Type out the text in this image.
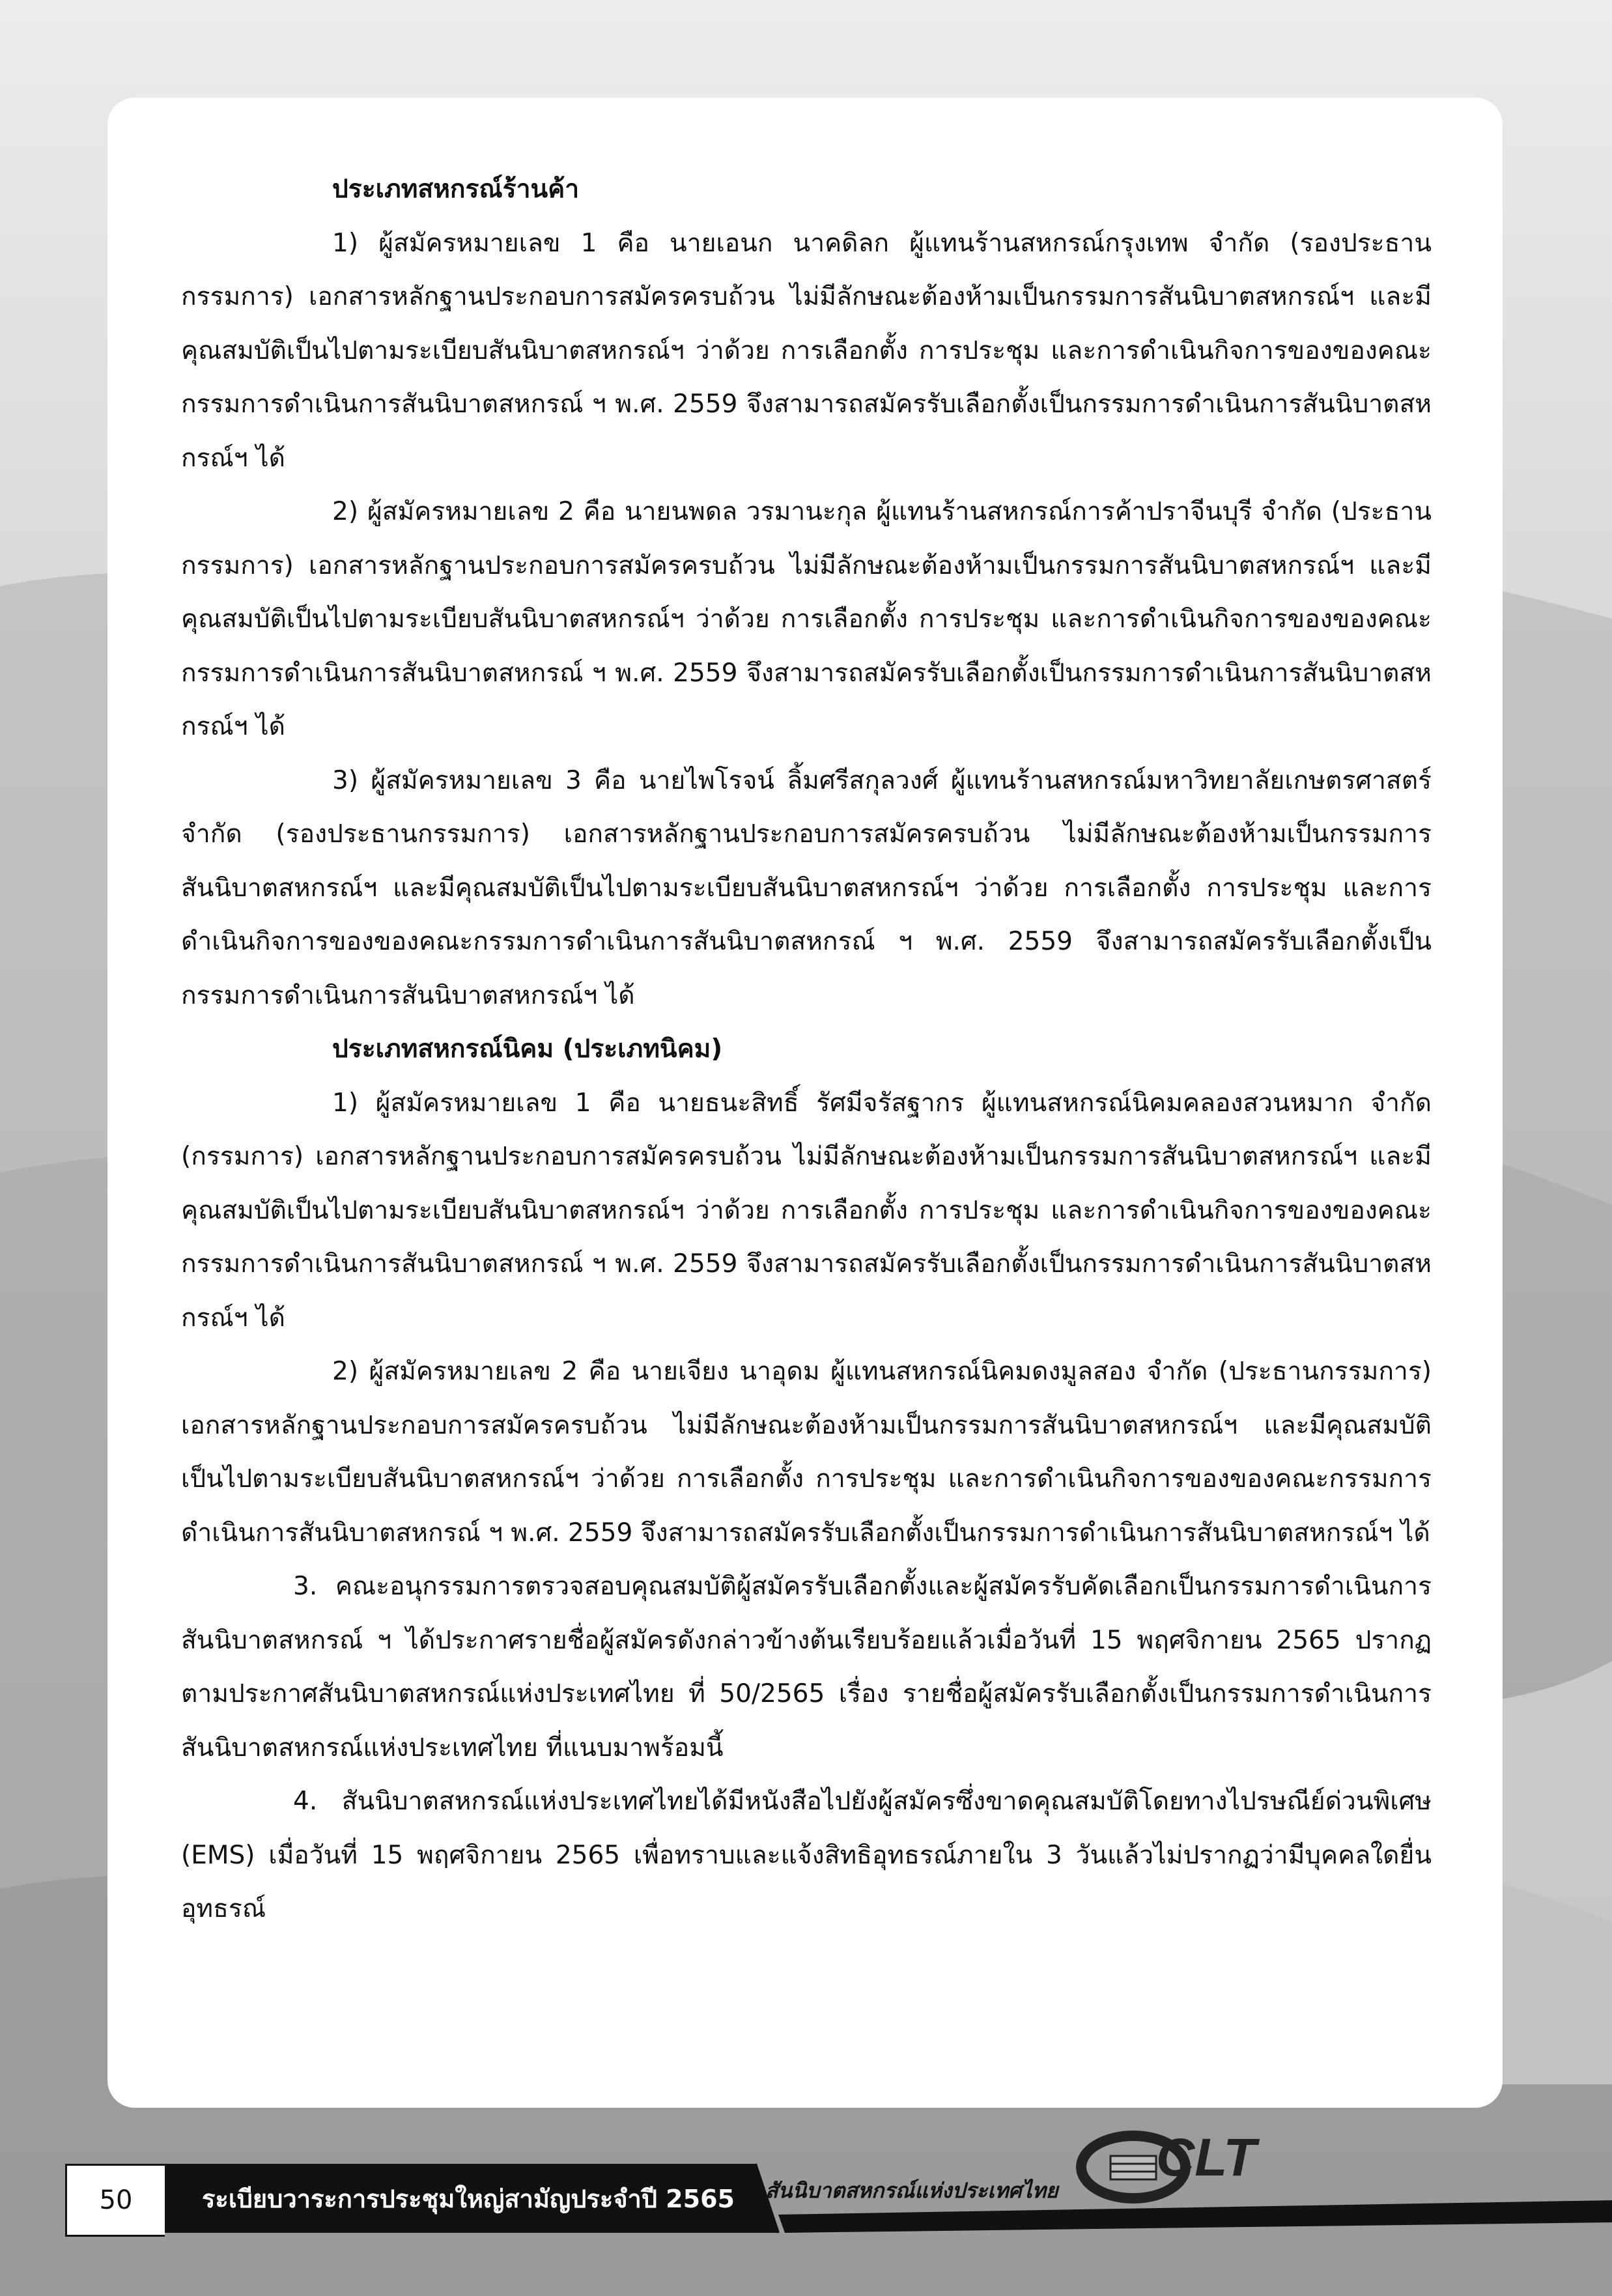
ประเภทสหกรณ์ร้านค้า

1) ผู้สมัครหมายเลข 1 คือ นายเอนก นาคดิลก ผู้แทนร้านสหกรณ์กรุงเทพ จำกัด (รองประธานกรรมการ) เอกสารหลักฐานประกอบการสมัครครบถ้วน ไม่มีลักษณะต้องห้ามเป็นกรรมการสันนิบาตสหกรณ์ฯ และมีคุณสมบัติเป็นไปตามระเบียบสันนิบาตสหกรณ์ฯ ว่าด้วย การเลือกตั้ง การประชุม และการดำเนินกิจการของของคณะกรรมการดำเนินการสันนิบาตสหกรณ์ ฯ พ.ศ. 2559 จึงสามารถสมัครรับเลือกตั้งเป็นกรรมการดำเนินการสันนิบาตสหกรณ์ฯ ได้

2) ผู้สมัครหมายเลข 2 คือ นายนพดล วรมานะกุล ผู้แทนร้านสหกรณ์การค้าปราจีนบุรี จำกัด (ประธานกรรมการ) เอกสารหลักฐานประกอบการสมัครครบถ้วน ไม่มีลักษณะต้องห้ามเป็นกรรมการสันนิบาตสหกรณ์ฯ และมีคุณสมบัติเป็นไปตามระเบียบสันนิบาตสหกรณ์ฯ ว่าด้วย การเลือกตั้ง การประชุม และการดำเนินกิจการของของคณะกรรมการดำเนินการสันนิบาตสหกรณ์ ฯ พ.ศ. 2559 จึงสามารถสมัครรับเลือกตั้งเป็นกรรมการดำเนินการสันนิบาตสหกรณ์ฯ ได้

3) ผู้สมัครหมายเลข 3 คือ นายไพโรจน์ ลิ้มศรีสกุลวงศ์ ผู้แทนร้านสหกรณ์มหาวิทยาลัยเกษตรศาสตร์ จำกัด (รองประธานกรรมการ) เอกสารหลักฐานประกอบการสมัครครบถ้วน ไม่มีลักษณะต้องห้ามเป็นกรรมการสันนิบาตสหกรณ์ฯ และมีคุณสมบัติเป็นไปตามระเบียบสันนิบาตสหกรณ์ฯ ว่าด้วย การเลือกตั้ง การประชุม และการดำเนินกิจการของของคณะกรรมการดำเนินการสันนิบาตสหกรณ์ ฯ พ.ศ. 2559 จึงสามารถสมัครรับเลือกตั้งเป็นกรรมการดำเนินการสันนิบาตสหกรณ์ฯ ได้

ประเภทสหกรณ์นิคม (ประเภทนิคม)

1) ผู้สมัครหมายเลข 1 คือ นายธนะสิทธิ์ รัศมีจรัสฐากร ผู้แทนสหกรณ์นิคมคลองสวนหมาก จำกัด (กรรมการ) เอกสารหลักฐานประกอบการสมัครครบถ้วน ไม่มีลักษณะต้องห้ามเป็นกรรมการสันนิบาตสหกรณ์ฯ และมีคุณสมบัติเป็นไปตามระเบียบสันนิบาตสหกรณ์ฯ ว่าด้วย การเลือกตั้ง การประชุม และการดำเนินกิจการของของคณะกรรมการดำเนินการสันนิบาตสหกรณ์ ฯ พ.ศ. 2559 จึงสามารถสมัครรับเลือกตั้งเป็นกรรมการดำเนินการสันนิบาตสหกรณ์ฯ ได้

2) ผู้สมัครหมายเลข 2 คือ นายเจียง นาอุดม ผู้แทนสหกรณ์นิคมดงมูลสอง จำกัด (ประธานกรรมการ) เอกสารหลักฐานประกอบการสมัครครบถ้วน ไม่มีลักษณะต้องห้ามเป็นกรรมการสันนิบาตสหกรณ์ฯ และมีคุณสมบัติเป็นไปตามระเบียบสันนิบาตสหกรณ์ฯ ว่าด้วย การเลือกตั้ง การประชุม และการดำเนินกิจการของของคณะกรรมการดำเนินการสันนิบาตสหกรณ์ ฯ พ.ศ. 2559 จึงสามารถสมัครรับเลือกตั้งเป็นกรรมการดำเนินการสันนิบาตสหกรณ์ฯ ได้

3. คณะอนุกรรมการตรวจสอบคุณสมบัติผู้สมัครรับเลือกตั้งและผู้สมัครรับคัดเลือกเป็นกรรมการดำเนินการสันนิบาตสหกรณ์ ฯ ได้ประกาศรายชื่อผู้สมัครดังกล่าวข้างต้นเรียบร้อยแล้วเมื่อวันที่ 15 พฤศจิกายน 2565 ปรากฏตามประกาศสันนิบาตสหกรณ์แห่งประเทศไทย ที่ 50/2565 เรื่อง รายชื่อผู้สมัครรับเลือกตั้งเป็นกรรมการดำเนินการสันนิบาตสหกรณ์แห่งประเทศไทย ที่แนบมาพร้อมนี้

4. สันนิบาตสหกรณ์แห่งประเทศไทยได้มีหนังสือไปยังผู้สมัครซึ่งขาดคุณสมบัติโดยทางไปรษณีย์ด่วนพิเศษ (EMS) เมื่อวันที่ 15 พฤศจิกายน 2565 เพื่อทราบและแจ้งสิทธิอุทธรณ์ภายใน 3 วันแล้วไม่ปรากฏว่ามีบุคคลใดยื่นอุทธรณ์

50	ระเบียบวาระการประชุมใหญ่สามัญประจำปี 2565	สันนิบาตสหกรณ์แห่งประเทศไทย
CLT
